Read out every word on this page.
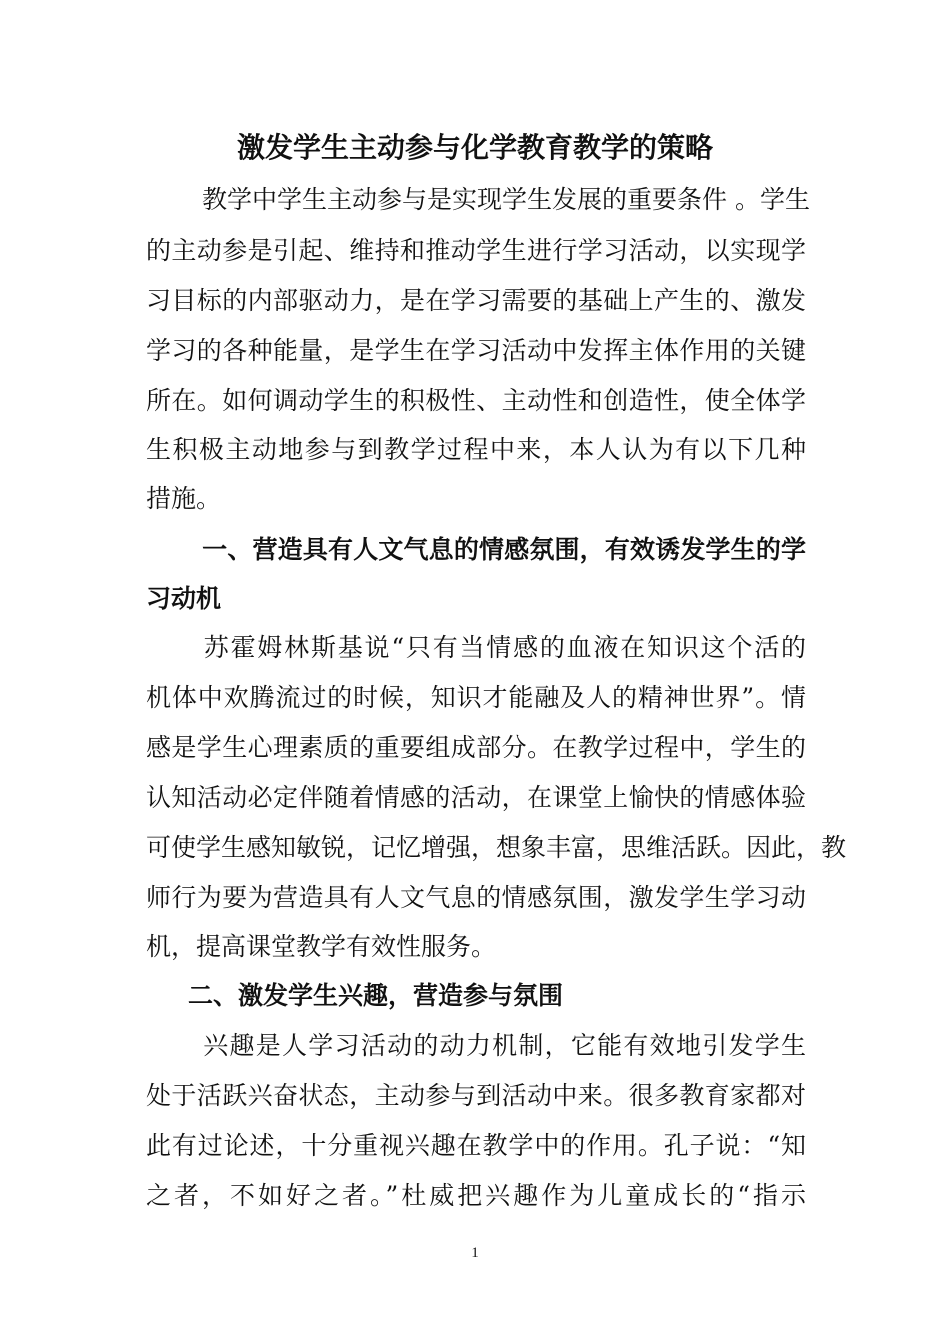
激发学生主动参与化学教育教学的策略
教学中学生主动参与是实现学生发展的重要条件 。学生
的主动参是引起、维持和推动学生进行学习活动，以实现学
习目标的内部驱动力，是在学习需要的基础上产生的、激发
学习的各种能量，是学生在学习活动中发挥主体作用的关键
所在。如何调动学生的积极性、主动性和创造性，使全体学
生积极主动地参与到教学过程中来，本人认为有以下几种
措施。
一、营造具有人文气息的情感氛围，有效诱发学生的学
习动机
苏霍姆林斯基说“只有当情感的血液在知识这个活的
机体中欢腾流过的时候，知识才能融及人的精神世界”。情
感是学生心理素质的重要组成部分。在教学过程中，学生的
认知活动必定伴随着情感的活动，在课堂上愉快的情感体验
可使学生感知敏锐，记忆增强，想象丰富，思维活跃。因此，教
师行为要为营造具有人文气息的情感氛围，激发学生学习动
机，提高课堂教学有效性服务。
二、激发学生兴趣，营造参与氛围
兴趣是人学习活动的动力机制，它能有效地引发学生
处于活跃兴奋状态，主动参与到活动中来。很多教育家都对
此有过论述，十分重视兴趣在教学中的作用。孔子说：“知
之者，不如好之者。”杜威把兴趣作为儿童成长的“指示
1
